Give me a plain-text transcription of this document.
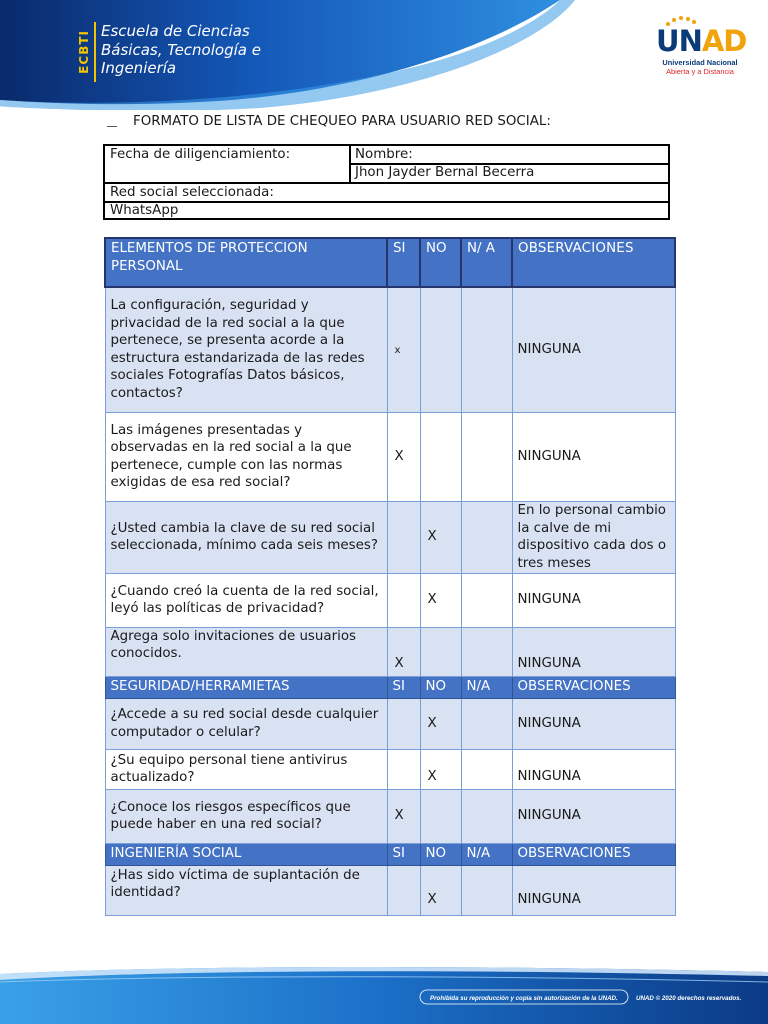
ECBTI Escuela de Ciencias
Básicas, Tecnología e
Ingeniería
UNAD
Universidad Nacional
Abierta y a Distancia
FORMATO DE LISTA DE CHEQUEO PARA USUARIO RED SOCIAL:
Fecha de diligenciamiento:	Nombre:
Jhon Jayder Bernal Becerra
Red social seleccionada:
WhatsApp
ELEMENTOS DE PROTECCION PERSONAL	SI	NO	N/ A	OBSERVACIONES
La configuración, seguridad y privacidad de la red social a la que pertenece, se presenta acorde a la estructura estandarizada de las redes sociales Fotografías Datos básicos, contactos?	x			NINGUNA
Las imágenes presentadas y observadas en la red social a la que pertenece, cumple con las normas exigidas de esa red social?	X			NINGUNA
¿Usted cambia la clave de su red social seleccionada, mínimo cada seis meses?		X		En lo personal cambio la calve de mi dispositivo cada dos o tres meses
¿Cuando creó la cuenta de la red social, leyó las políticas de privacidad?		X		NINGUNA
Agrega solo invitaciones de usuarios conocidos.	X			NINGUNA
SEGURIDAD/HERRAMIETAS	SI	NO	N/A	OBSERVACIONES
¿Accede a su red social desde cualquier computador o celular?		X		NINGUNA
¿Su equipo personal tiene antivirus actualizado?		X		NINGUNA
¿Conoce los riesgos específicos que puede haber en una red social?	X			NINGUNA
INGENIERÍA SOCIAL	SI	NO	N/A	OBSERVACIONES
¿Has sido víctima de suplantación de identidad?		X		NINGUNA
Prohibida su reproducción y copia sin autorización de la UNAD.	UNAD © 2020 derechos reservados.
